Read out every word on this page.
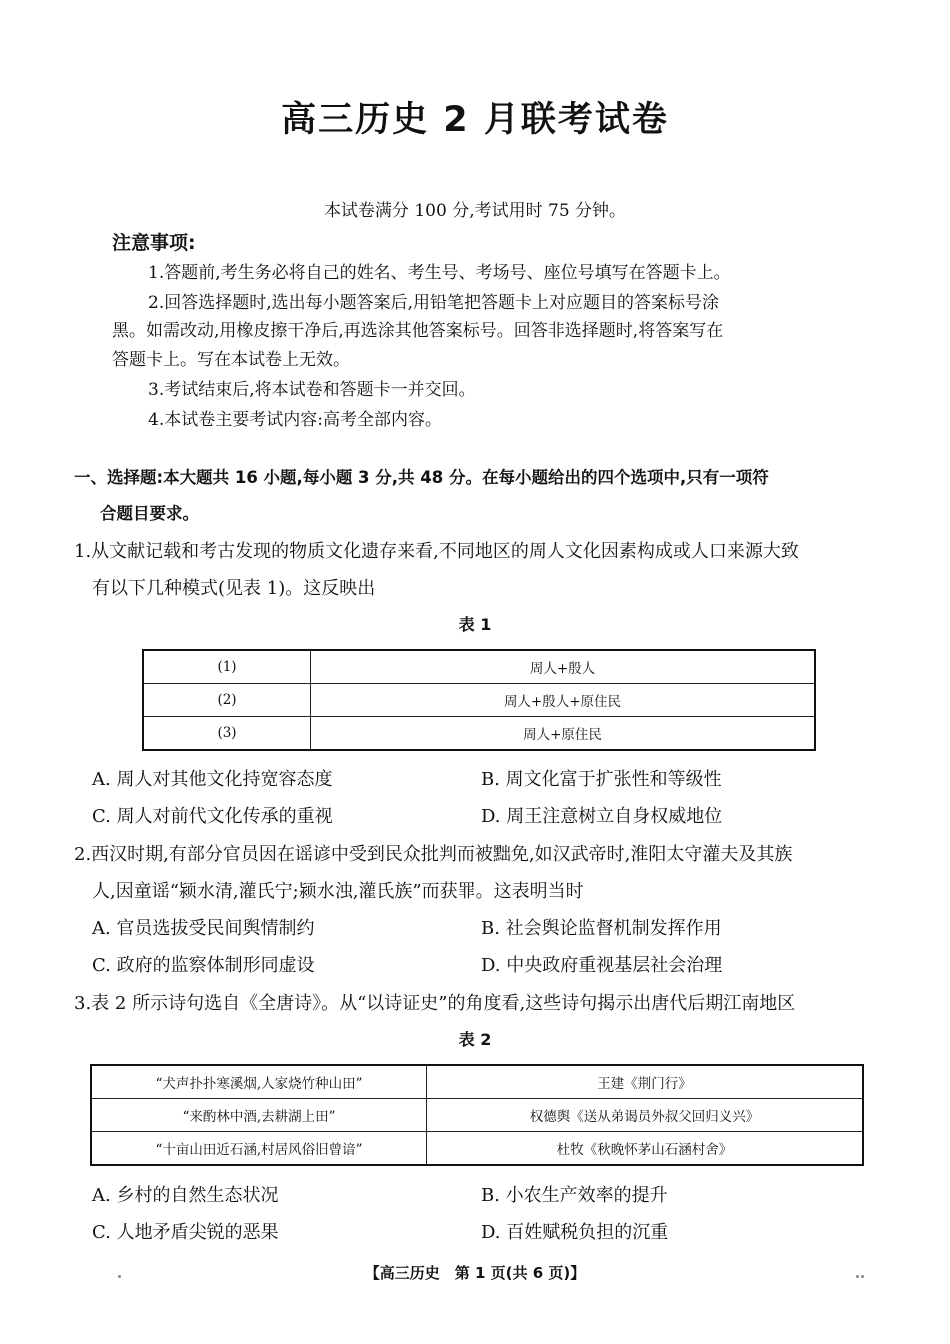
高三历史 2 月联考试卷
本试卷满分 100 分,考试用时 75 分钟。
注意事项:
1.答题前,考生务必将自己的姓名、考生号、考场号、座位号填写在答题卡上。
2.回答选择题时,选出每小题答案后,用铅笔把答题卡上对应题目的答案标号涂
黑。如需改动,用橡皮擦干净后,再选涂其他答案标号。回答非选择题时,将答案写在
答题卡上。写在本试卷上无效。
3.考试结束后,将本试卷和答题卡一并交回。
4.本试卷主要考试内容:高考全部内容。
一、选择题:本大题共 16 小题,每小题 3 分,共 48 分。在每小题给出的四个选项中,只有一项符
合题目要求。
1.从文献记载和考古发现的物质文化遗存来看,不同地区的周人文化因素构成或人口来源大致
有以下几种模式(见表 1)。这反映出
表 1
(1)	周人+殷人
(2)	周人+殷人+原住民
(3)	周人+原住民
A. 周人对其他文化持宽容态度	B. 周文化富于扩张性和等级性
C. 周人对前代文化传承的重视	D. 周王注意树立自身权威地位
2.西汉时期,有部分官员因在谣谚中受到民众批判而被黜免,如汉武帝时,淮阳太守灌夫及其族
人,因童谣“颍水清,灌氏宁;颍水浊,灌氏族”而获罪。这表明当时
A. 官员选拔受民间舆情制约	B. 社会舆论监督机制发挥作用
C. 政府的监察体制形同虚设	D. 中央政府重视基层社会治理
3.表 2 所示诗句选自《全唐诗》。从“以诗证史”的角度看,这些诗句揭示出唐代后期江南地区
表 2
“犬声扑扑寒溪烟,人家烧竹种山田”	王建《荆门行》
“来酌林中酒,去耕湖上田”	权德舆《送从弟谒员外叔父回归义兴》
“十亩山田近石涵,村居风俗旧曾谙”	杜牧《秋晚怀茅山石涵村舍》
A. 乡村的自然生态状况	B. 小农生产效率的提升
C. 人地矛盾尖锐的恶果	D. 百姓赋税负担的沉重
【高三历史　第 1 页(共 6 页)】
